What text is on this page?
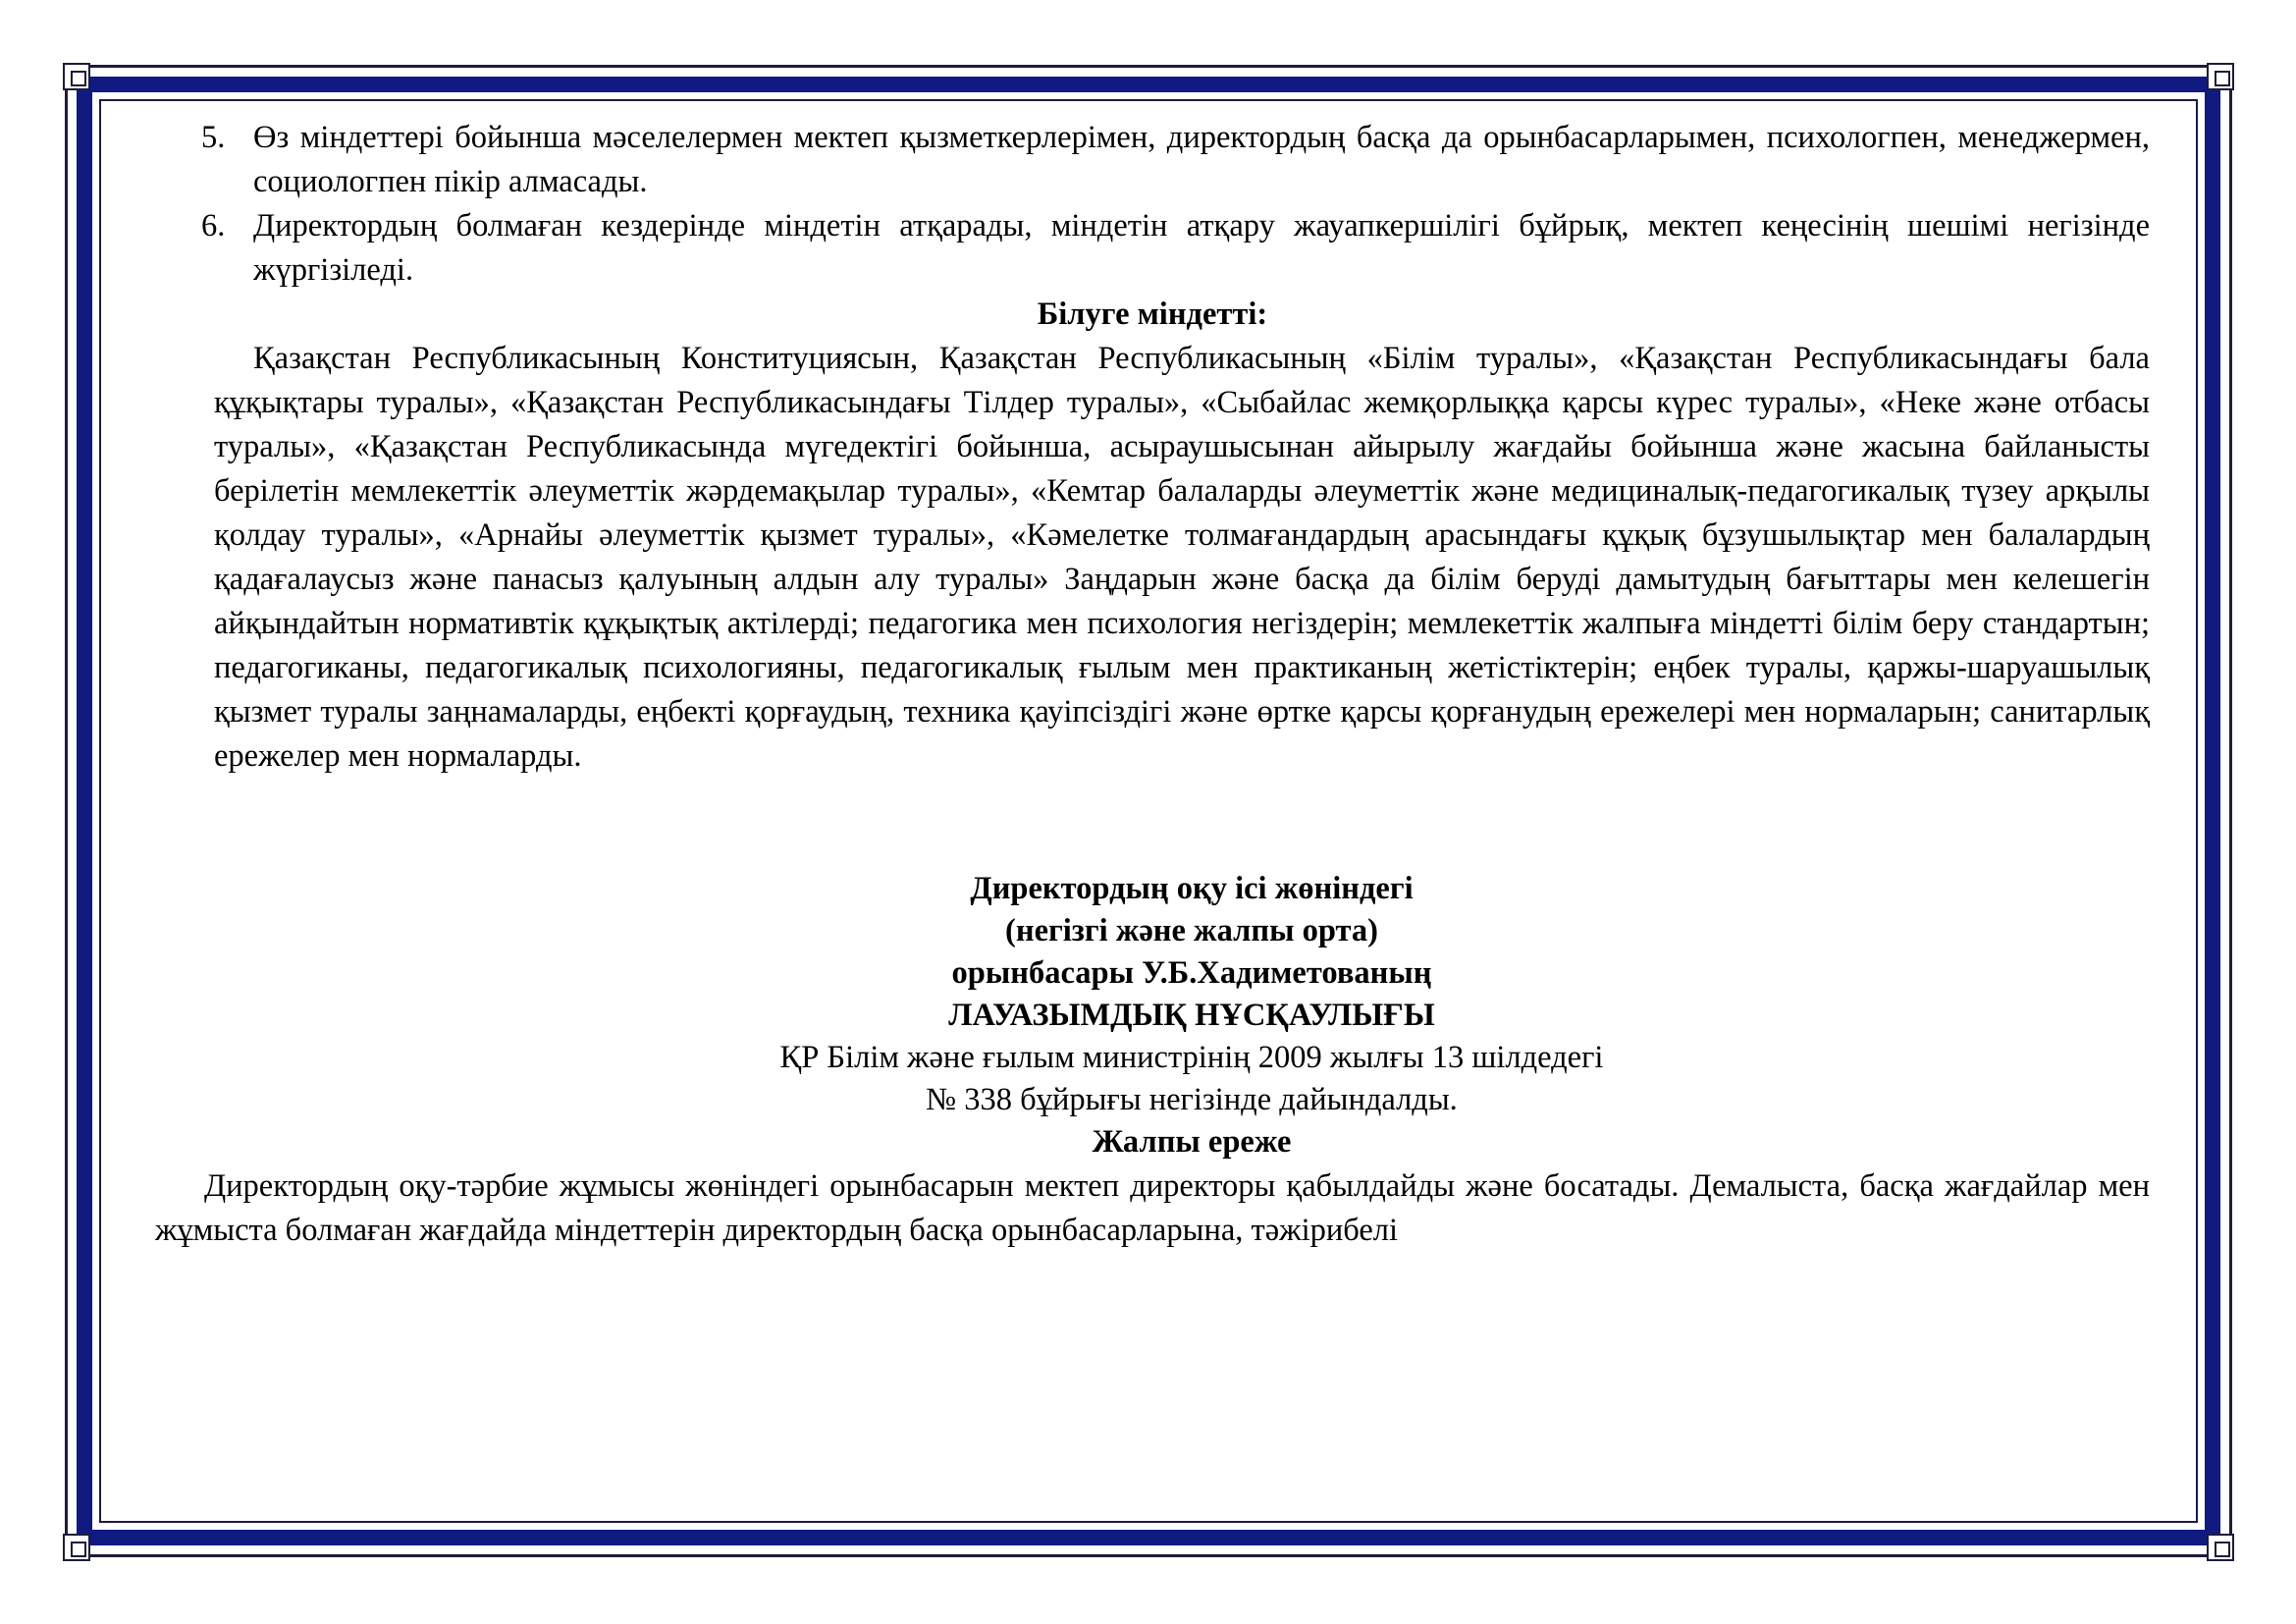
5. Өз міндеттері бойынша мәселелермен мектеп қызметкерлерімен, директордың басқа да орынбасарларымен, психологпен, менеджермен, социологпен пікір алмасады.
6. Директордың болмаған кездерінде міндетін атқарады, міндетін атқару жауапкершілігі бұйрық, мектеп кеңесінің шешімі негізінде жүргізіледі.
Білуге міндетті:

Қазақстан Республикасының Конституциясын, Қазақстан Республикасының «Білім туралы», «Қазақстан Республикасындағы бала құқықтары туралы», «Қазақстан Республикасындағы Тілдер туралы», «Сыбайлас жемқорлыққа қарсы күрес туралы», «Неке және отбасы туралы», «Қазақстан Республикасында мүгедектігі бойынша, асыраушысынан айырылу жағдайы бойынша және жасына байланысты берілетін мемлекеттік әлеуметтік жәрдемақылар туралы», «Кемтар балаларды әлеуметтік және медициналық-педагогикалық түзеу арқылы қолдау туралы», «Арнайы әлеуметтік қызмет туралы», «Кәмелетке толмағандардың арасындағы құқық бұзушылықтар мен балалардың қадағалаусыз және панасыз қалуының алдын алу туралы» Заңдарын және басқа да білім беруді дамытудың бағыттары мен келешегін айқындайтын нормативтік құқықтық актілерді; педагогика мен психология негіздерін; мемлекеттік жалпыға міндетті білім беру стандартын; педагогиканы, педагогикалық психологияны, педагогикалық ғылым мен практиканың жетістіктерін; еңбек туралы, қаржы-шаруашылық қызмет туралы заңнамаларды, еңбекті қорғаудың, техника қауіпсіздігі және өртке қарсы қорғанудың ережелері мен нормаларын; санитарлық ережелер мен нормаларды.

Директордың оқу ісі жөніндегі
(негізгі және жалпы орта)
орынбасары У.Б.Хадиметованың
ЛАУАЗЫМДЫҚ НҰСҚАУЛЫҒЫ
ҚР Білім және ғылым министрінің 2009 жылғы 13 шілдедегі
№ 338 бұйрығы негізінде дайындалды.
Жалпы ереже

Директордың оқу-тәрбие жұмысы жөніндегі орынбасарын мектеп директоры қабылдайды және босатады. Демалыста, басқа жағдайлар мен жұмыста болмаған жағдайда міндеттерін директордың басқа орынбасарларына, тәжірибелі
